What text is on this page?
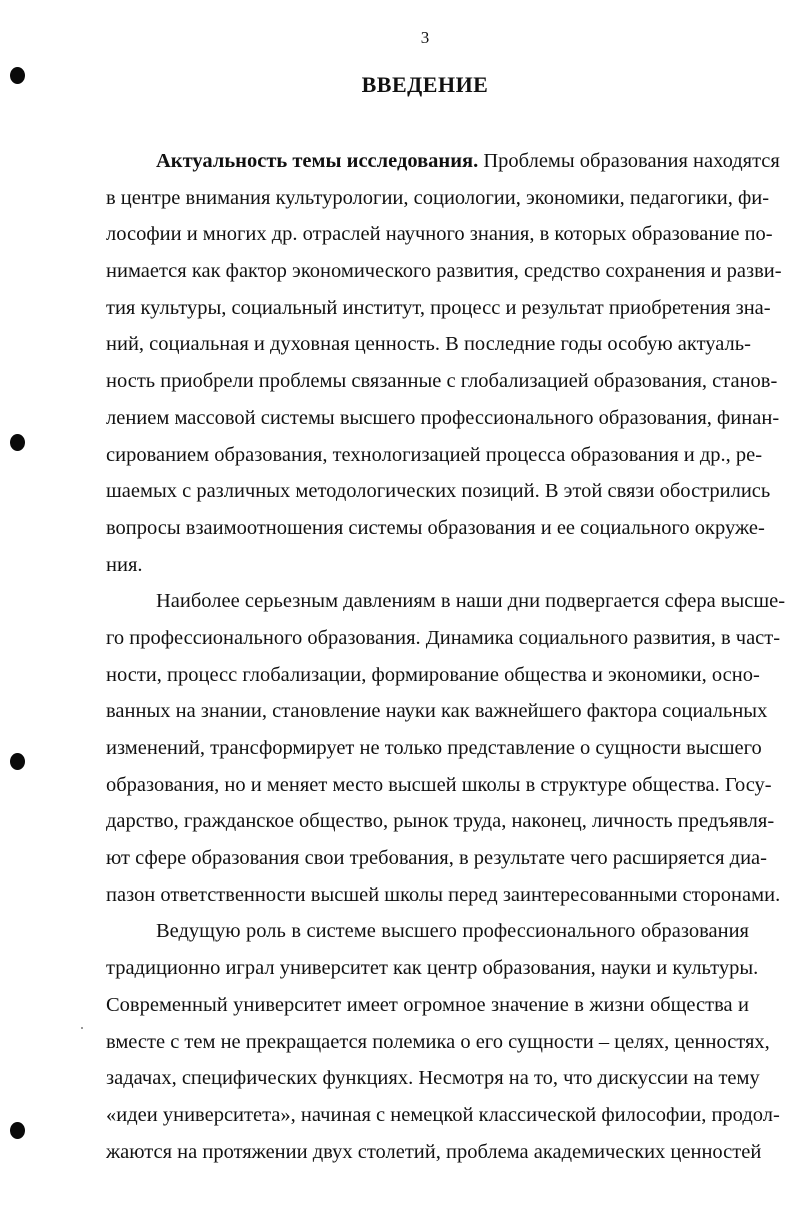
3
ВВЕДЕНИЕ
Актуальность темы исследования. Проблемы образования находятся
в центре внимания культурологии, социологии, экономики, педагогики, фи-
лософии и многих др. отраслей научного знания, в которых образование по-
нимается как фактор экономического развития, средство сохранения и разви-
тия культуры, социальный институт, процесс и результат приобретения зна-
ний, социальная и духовная ценность. В последние годы особую актуаль-
ность приобрели проблемы связанные с глобализацией образования, станов-
лением массовой системы высшего профессионального образования, финан-
сированием образования, технологизацией процесса образования и др., ре-
шаемых с различных методологических позиций. В этой связи обострились
вопросы взаимоотношения системы образования и ее социального окруже-
ния.
Наиболее серьезным давлениям в наши дни подвергается сфера высше-
го профессионального образования. Динамика социального развития, в част-
ности, процесс глобализации, формирование общества и экономики, осно-
ванных на знании, становление науки как важнейшего фактора социальных
изменений, трансформирует не только представление о сущности высшего
образования, но и меняет место высшей школы в структуре общества. Госу-
дарство, гражданское общество, рынок труда, наконец, личность предъявля-
ют сфере образования свои требования, в результате чего расширяется диа-
пазон ответственности высшей школы перед заинтересованными сторонами.
Ведущую роль в системе высшего профессионального образования
традиционно играл университет как центр образования, науки и культуры.
Современный университет имеет огромное значение в жизни общества и
вместе с тем не прекращается полемика о его сущности – целях, ценностях,
задачах, специфических функциях. Несмотря на то, что дискуссии на тему
«идеи университета», начиная с немецкой классической философии, продол-
жаются на протяжении двух столетий, проблема академических ценностей
